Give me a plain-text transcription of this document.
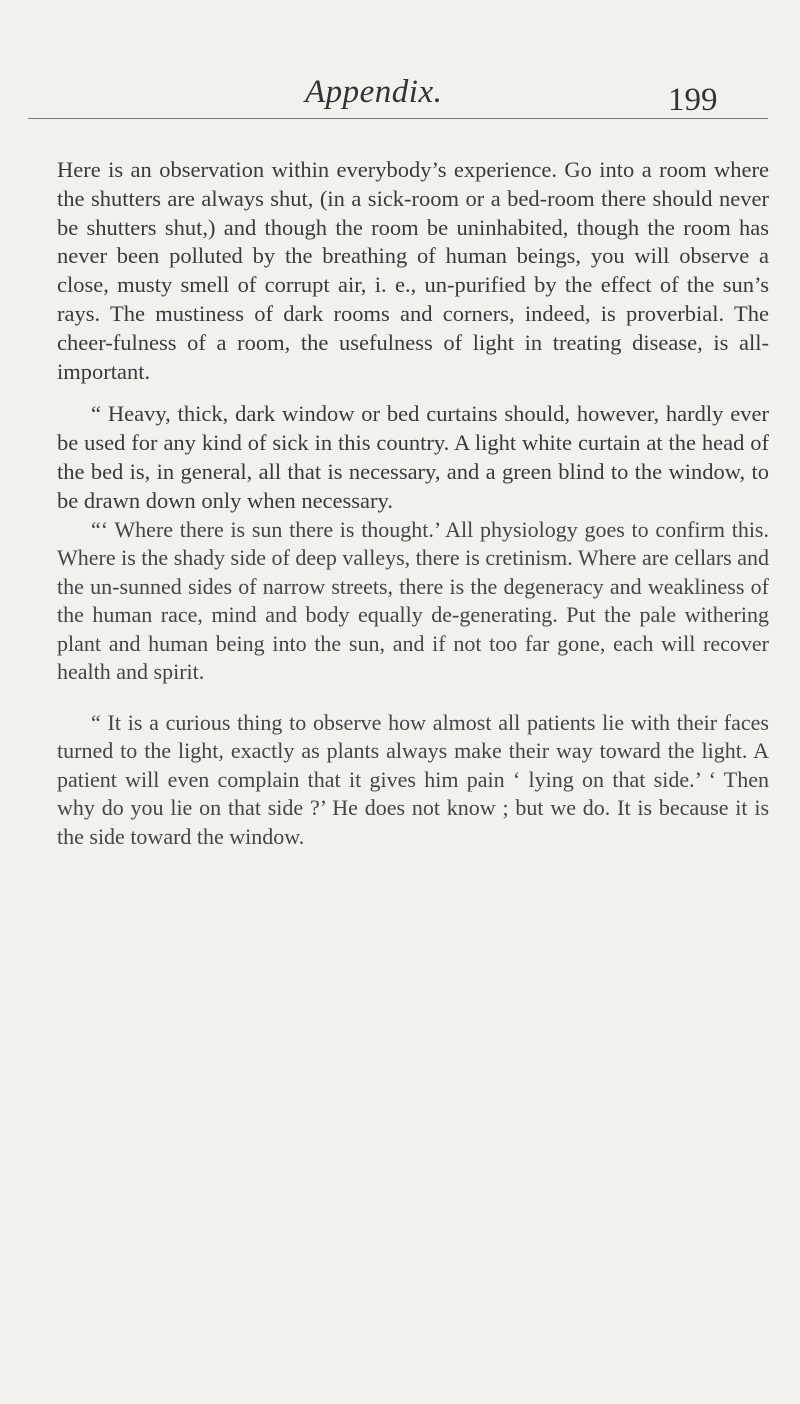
Appendix.	199

Here is an observation within everybody’s experience. Go into a room where the shutters are always shut, (in a sick-room or a bed-room there should never be shutters shut,) and though the room be uninhabited, though the room has never been polluted by the breathing of human beings, you will observe a close, musty smell of corrupt air, i. e., un-purified by the effect of the sun’s rays. The mustiness of dark rooms and corners, indeed, is proverbial. The cheer-fulness of a room, the usefulness of light in treating disease, is all-important.

“ Heavy, thick, dark window or bed curtains should, however, hardly ever be used for any kind of sick in this country. A light white curtain at the head of the bed is, in general, all that is necessary, and a green blind to the window, to be drawn down only when necessary.

“‘ Where there is sun there is thought.’ All physiology goes to confirm this. Where is the shady side of deep valleys, there is cretinism. Where are cellars and the un-sunned sides of narrow streets, there is the degeneracy and weakliness of the human race, mind and body equally de-generating. Put the pale withering plant and human being into the sun, and if not too far gone, each will recover health and spirit.

“ It is a curious thing to observe how almost all patients lie with their faces turned to the light, exactly as plants always make their way toward the light. A patient will even complain that it gives him pain ‘ lying on that side.’ ‘ Then why do you lie on that side ?’ He does not know ; but we do. It is because it is the side toward the window.
